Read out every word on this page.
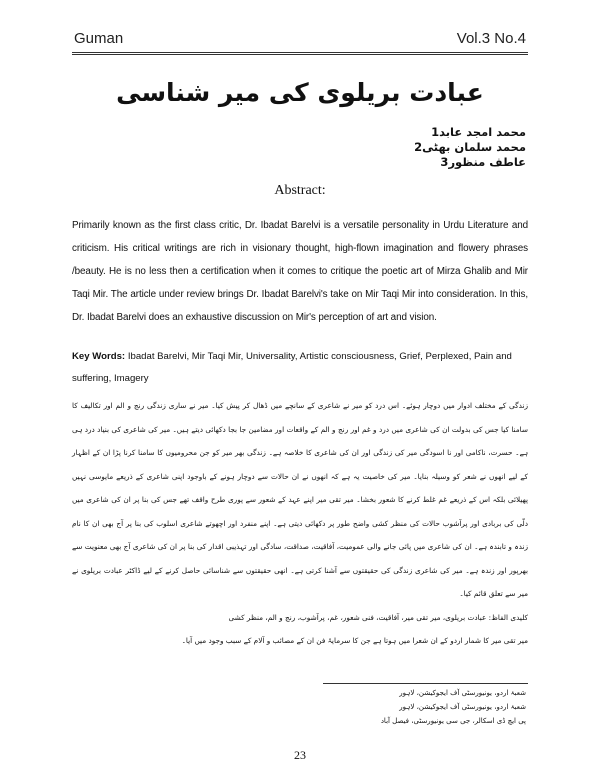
Guman	Vol.3 No.4
عبادت بریلوی کی میر شناسی
محمد امجد عابد1
محمد سلمان بھٹی2
عاطف منظور3
Abstract:
Primarily known as the first class critic, Dr. Ibadat Barelvi is a versatile personality in Urdu Literature and criticism. His critical writings are rich in visionary thought, high-flown imagination and flowery phrases /beauty. He is no less then a certification when it comes to critique the poetic art of Mirza Ghalib and Mir Taqi Mir. The article under review brings Dr. Ibadat Barelvi's take on Mir Taqi Mir into consideration. In this, Dr. Ibadat Barelvi does an exhaustive discussion on Mir's perception of art and vision.
Key Words: Ibadat Barelvi, Mir Taqi Mir, Universality, Artistic consciousness, Grief, Perplexed, Pain and suffering, Imagery

زندگی کے مختلف ادوار میں دوچار ہوئے۔ اس درد کو میر نے شاعری کے سانچے میں ڈھال کر پیش کیا۔ میر نے ساری زندگی رنج و الم اور تکالیف کا سامنا کیا جس کی بدولت ان کی شاعری میں درد و غم اور رنج و الم کے واقعات اور مضامین جا بجا دکھائی دیتے ہیں۔ میر کی شاعری کی بنیاد درد ہی ہے۔ حسرت، ناکامی اور نا اسودگی میر کی زندگی اور ان کی شاعری کا خلاصہ ہے۔ زندگی بھر میر کو جن محرومیوں کا سامنا کرنا پڑا ان کے اظہار کے لیے انھوں نے شعر کو وسیلہ بنایا۔ میر کی خاصیت یہ ہے کہ انھوں نے ان حالات سے دوچار ہونے کے باوجود اپنی شاعری کے ذریعے مایوسی نہیں پھیلائی بلکہ اس کے ذریعے غم غلط کرنے کا شعور بخشا۔ میر تقی میر اپنے عہد کے شعور سے پوری طرح واقف تھے جس کی بنا پر ان کی شاعری میں دلّی کی بربادی اور پرآشوب حالات کی منظر کشی واضح طور پر دکھائی دیتی ہے۔ اپنے منفرد اور اچھوتے شاعری اسلوب کی بنا پر آج بھی ان کا نام زندہ و تابندہ ہے۔ ان کی شاعری میں پائی جانے والی عمومیت، آفاقیت، صداقت، سادگی اور تہذیبی اقدار کی بنا پر ان کی شاعری آج بھی معنویت سے بھرپور اور زندہ ہے۔ میر کی شاعری زندگی کی حقیقتوں سے آشنا کرتی ہے۔ انھی حقیقتوں سے شناسائی حاصل کرنے کے لیے ڈاکٹر عبادت بریلوی نے میر سے تعلق قائم کیا۔

کلیدی الفاظ: عبادت بریلوی، میر تقی میر، آفاقیت، فنی شعور، غم، پرآشوب، رنج و الم، منظر کشی

میر تقی میر کا شمار اردو کے ان شعرا میں ہوتا ہے جن کا سرمایۂ فن ان کے مصائب و آلام کے سبب وجود میں آیا۔

شعبۂ اردو، یونیورسٹی آف ایجوکیشن، لاہور
شعبۂ اردو، یونیورسٹی آف ایجوکیشن، لاہور
پی ایچ ڈی اسکالر، جی سی یونیورسٹی، فیصل آباد
23
